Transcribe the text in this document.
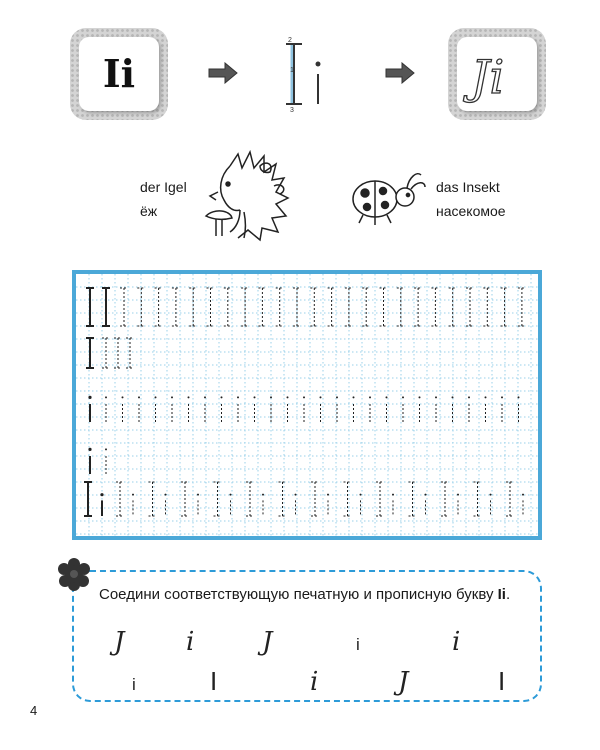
Ii	1
2
3
Ji
der Igel
ёж
das Insekt
насекомое
Соедини соответствующую печатную и прописную букву Ii.
J i	J	i	i
i	I	i	J	I
4
